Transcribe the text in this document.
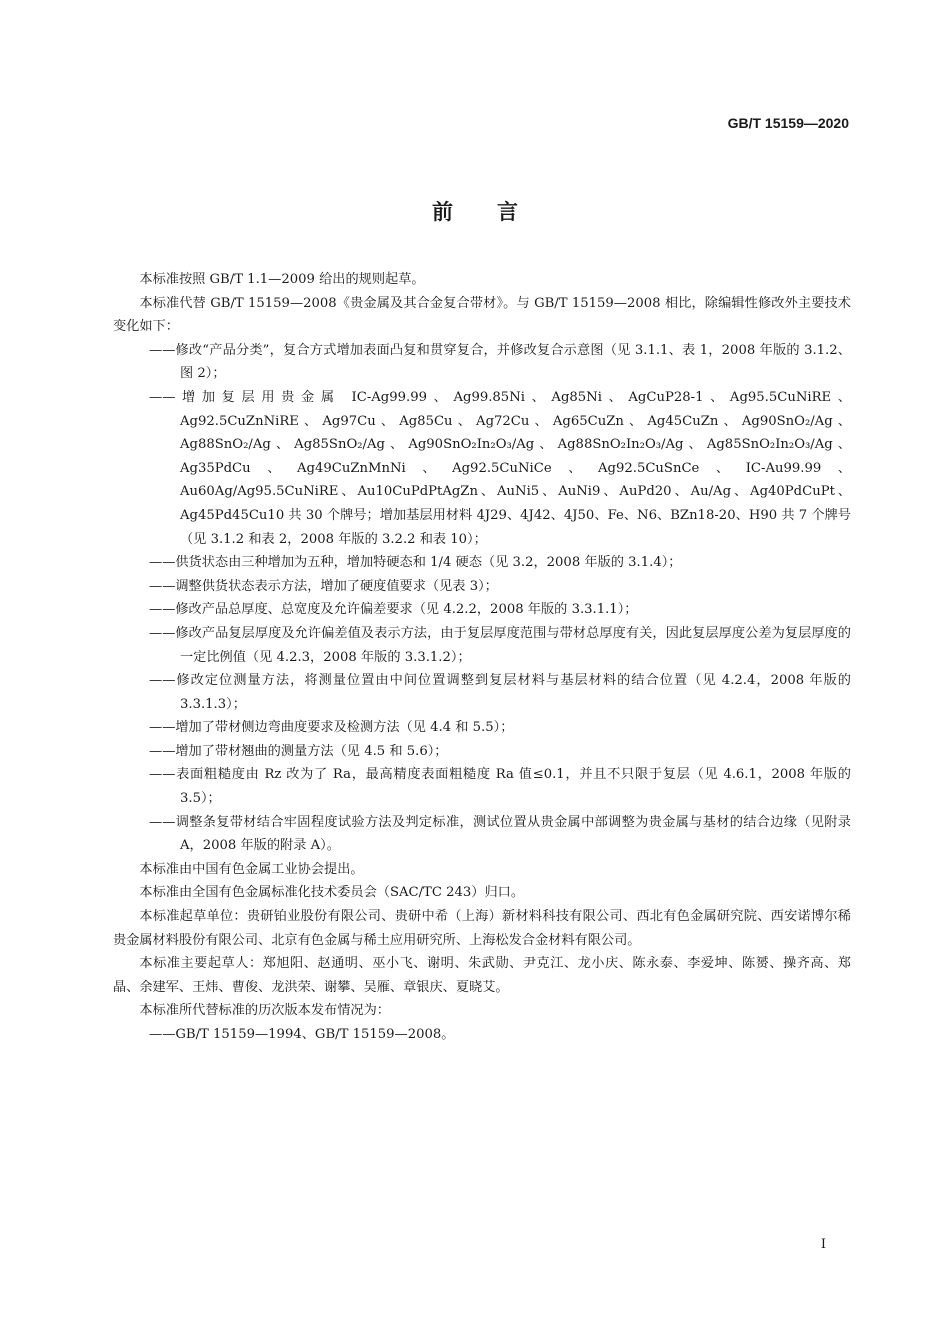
GB/T 15159—2020
前言

本标准按照 GB/T 1.1—2009 给出的规则起草。

本标准代替 GB/T 15159—2008《贵金属及其合金复合带材》。与 GB/T 15159—2008 相比，除编辑性修改外主要技术变化如下：

——修改“产品分类”，复合方式增加表面凸复和贯穿复合，并修改复合示意图（见 3.1.1、表 1，2008 年版的 3.1.2、图 2）；

——增加复层用贵金属 IC-Ag99.99、Ag99.85Ni、Ag85Ni、AgCuP28-1、Ag95.5CuNiRE、Ag92.5CuZnNiRE、Ag97Cu、Ag85Cu、Ag72Cu、Ag65CuZn、Ag45CuZn、Ag90SnO₂/Ag、Ag88SnO₂/Ag、Ag85SnO₂/Ag、Ag90SnO₂In₂O₃/Ag、Ag88SnO₂In₂O₃/Ag、Ag85SnO₂In₂O₃/Ag、Ag35PdCu、Ag49CuZnMnNi、Ag92.5CuNiCe、Ag92.5CuSnCe、IC-Au99.99、Au60Ag/Ag95.5CuNiRE、Au10CuPdPtAgZn、AuNi5、AuNi9、AuPd20、Au/Ag、Ag40PdCuPt、Ag45Pd45Cu10 共 30 个牌号；增加基层用材料 4J29、4J42、4J50、Fe、N6、BZn18-20、H90 共 7 个牌号（见 3.1.2 和表 2，2008 年版的 3.2.2 和表 10）；

——供货状态由三种增加为五种，增加特硬态和 1/4 硬态（见 3.2，2008 年版的 3.1.4）；

——调整供货状态表示方法，增加了硬度值要求（见表 3）；

——修改产品总厚度、总宽度及允许偏差要求（见 4.2.2，2008 年版的 3.3.1.1）；

——修改产品复层厚度及允许偏差值及表示方法，由于复层厚度范围与带材总厚度有关，因此复层厚度公差为复层厚度的一定比例值（见 4.2.3，2008 年版的 3.3.1.2）；

——修改定位测量方法，将测量位置由中间位置调整到复层材料与基层材料的结合位置（见 4.2.4，2008 年版的 3.3.1.3）；

——增加了带材侧边弯曲度要求及检测方法（见 4.4 和 5.5）；

——增加了带材翘曲的测量方法（见 4.5 和 5.6）；

——表面粗糙度由 Rz 改为了 Ra，最高精度表面粗糙度 Ra 值≤0.1，并且不只限于复层（见 4.6.1，2008 年版的 3.5）；

——调整条复带材结合牢固程度试验方法及判定标准，测试位置从贵金属中部调整为贵金属与基材的结合边缘（见附录 A，2008 年版的附录 A）。

本标准由中国有色金属工业协会提出。

本标准由全国有色金属标准化技术委员会（SAC/TC 243）归口。

本标准起草单位：贵研铂业股份有限公司、贵研中希（上海）新材料科技有限公司、西北有色金属研究院、西安诺博尔稀贵金属材料股份有限公司、北京有色金属与稀土应用研究所、上海松发合金材料有限公司。

本标准主要起草人：郑旭阳、赵通明、巫小飞、谢明、朱武勋、尹克江、龙小庆、陈永泰、李爱坤、陈赟、操齐高、郑晶、余建军、王炜、曹俊、龙洪荣、谢攀、吴雁、章银庆、夏晓艾。

本标准所代替标准的历次版本发布情况为：

——GB/T 15159—1994、GB/T 15159—2008。

I
